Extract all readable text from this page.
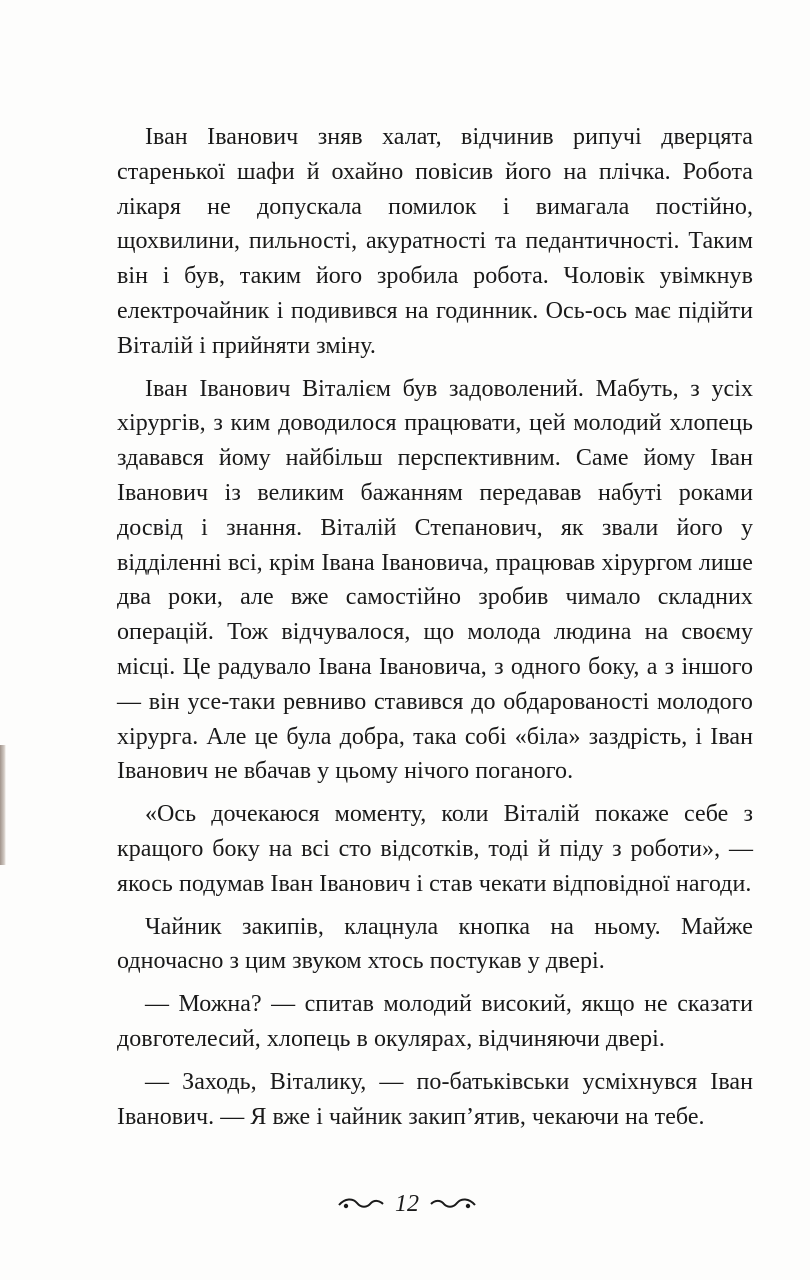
Іван Іванович зняв халат, відчинив рипучі дверцята старенької шафи й охайно повісив його на плічка. Робота лікаря не допускала помилок і вимагала постійно, щохвилини, пильності, акуратності та педантичності. Таким він і був, таким його зробила робота. Чоловік увімкнув електрочайник і подивився на годинник. Ось-ось має підійти Віталій і прийняти зміну.

Іван Іванович Віталієм був задоволений. Мабуть, з усіх хірургів, з ким доводилося працювати, цей молодий хлопець здавався йому найбільш перспективним. Саме йому Іван Іванович із великим бажанням передавав набуті роками досвід і знання. Віталій Степанович, як звали його у відділенні всі, крім Івана Івановича, працював хірургом лише два роки, але вже самостійно зробив чимало складних операцій. Тож відчувалося, що молода людина на своєму місці. Це радувало Івана Івановича, з одного боку, а з іншого — він усе-таки ревниво ставився до обдарованості молодого хірурга. Але це була добра, така собі «біла» заздрість, і Іван Іванович не вбачав у цьому нічого поганого.

«Ось дочекаюся моменту, коли Віталій покаже себе з кращого боку на всі сто відсотків, тоді й піду з роботи», — якось подумав Іван Іванович і став чекати відповідної нагоди.

Чайник закипів, клацнула кнопка на ньому. Майже одночасно з цим звуком хтось постукав у двері.

— Можна? — спитав молодий високий, якщо не сказати довготелесий, хлопець в окулярах, відчиняючи двері.

— Заходь, Віталику, — по-батьківськи усміхнувся Іван Іванович. — Я вже і чайник закип’ятив, чекаючи на тебе.

12
